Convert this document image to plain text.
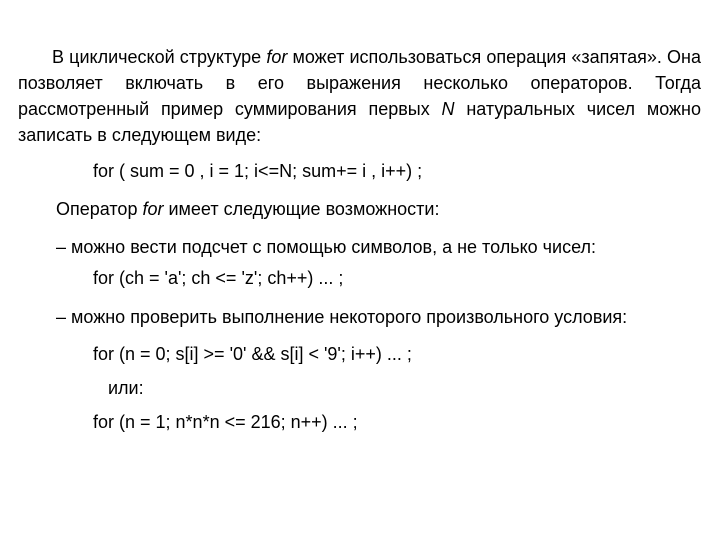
В циклической структуре for может использоваться операция «запятая». Она позволяет включать в его выражения несколько операторов. Тогда рассмотренный пример суммирования первых N натуральных чисел можно записать в следующем виде:

for ( sum = 0 , i = 1; i<=N; sum+= i , i++) ;
Оператор for имеет следующие возможности:
– можно вести подсчет с помощью символов, а не только чисел:
for (ch = 'a'; ch <= 'z'; ch++) ... ;
– можно проверить выполнение некоторого произвольного условия:
for (n = 0; s[i] >= '0' && s[i] < '9'; i++) ... ;
или:
for (n = 1; n*n*n <= 216; n++) ... ;
